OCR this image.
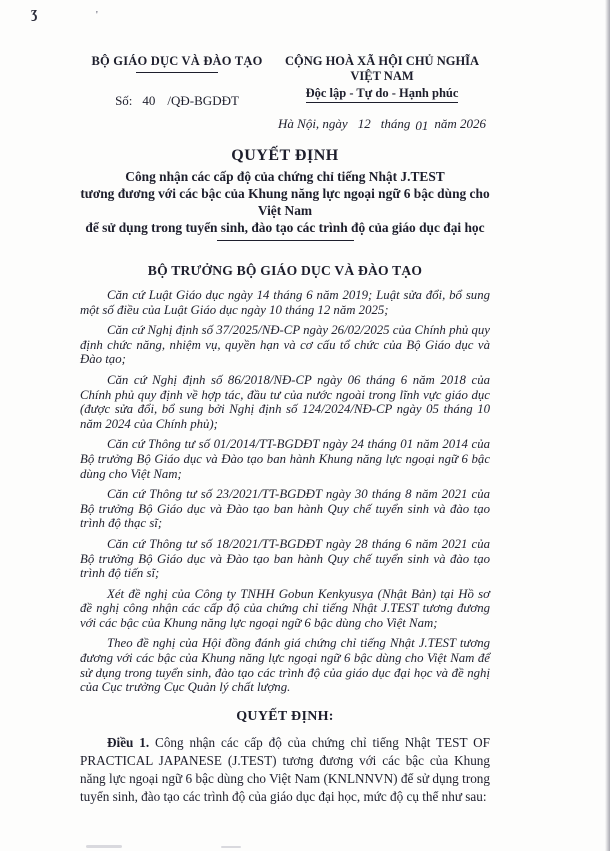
ʒ	'
BỘ GIÁO DỤC VÀ ĐÀO TẠO
Số: 40 /QĐ-BGDĐT
CỘNG HOÀ XÃ HỘI CHỦ NGHĨA VIỆT NAM
Độc lập - Tự do - Hạnh phúc
Hà Nội, ngày 12 tháng 01 năm 2026
QUYẾT ĐỊNH
Công nhận các cấp độ của chứng chỉ tiếng Nhật J.TEST
tương đương với các bậc của Khung năng lực ngoại ngữ 6 bậc dùng cho Việt Nam
để sử dụng trong tuyển sinh, đào tạo các trình độ của giáo dục đại học
BỘ TRƯỞNG BỘ GIÁO DỤC VÀ ĐÀO TẠO

Căn cứ Luật Giáo dục ngày 14 tháng 6 năm 2019; Luật sửa đổi, bổ sung một số điều của Luật Giáo dục ngày 10 tháng 12 năm 2025;

Căn cứ Nghị định số 37/2025/NĐ-CP ngày 26/02/2025 của Chính phủ quy định chức năng, nhiệm vụ, quyền hạn và cơ cấu tổ chức của Bộ Giáo dục và Đào tạo;

Căn cứ Nghị định số 86/2018/NĐ-CP ngày 06 tháng 6 năm 2018 của Chính phủ quy định về hợp tác, đầu tư của nước ngoài trong lĩnh vực giáo dục (được sửa đổi, bổ sung bởi Nghị định số 124/2024/NĐ-CP ngày 05 tháng 10 năm 2024 của Chính phủ);

Căn cứ Thông tư số 01/2014/TT-BGDĐT ngày 24 tháng 01 năm 2014 của Bộ trưởng Bộ Giáo dục và Đào tạo ban hành Khung năng lực ngoại ngữ 6 bậc dùng cho Việt Nam;

Căn cứ Thông tư số 23/2021/TT-BGDĐT ngày 30 tháng 8 năm 2021 của Bộ trưởng Bộ Giáo dục và Đào tạo ban hành Quy chế tuyển sinh và đào tạo trình độ thạc sĩ;

Căn cứ Thông tư số 18/2021/TT-BGDĐT ngày 28 tháng 6 năm 2021 của Bộ trưởng Bộ Giáo dục và Đào tạo ban hành Quy chế tuyển sinh và đào tạo trình độ tiến sĩ;

Xét đề nghị của Công ty TNHH Gobun Kenkyusya (Nhật Bản) tại Hồ sơ đề nghị công nhận các cấp độ của chứng chỉ tiếng Nhật J.TEST tương đương với các bậc của Khung năng lực ngoại ngữ 6 bậc dùng cho Việt Nam;

Theo đề nghị của Hội đồng đánh giá chứng chỉ tiếng Nhật J.TEST tương đương với các bậc của Khung năng lực ngoại ngữ 6 bậc dùng cho Việt Nam để sử dụng trong tuyển sinh, đào tạo các trình độ của giáo dục đại học và đề nghị của Cục trưởng Cục Quản lý chất lượng.

QUYẾT ĐỊNH:
Điều 1. Công nhận các cấp độ của chứng chỉ tiếng Nhật TEST OF PRACTICAL JAPANESE (J.TEST) tương đương với các bậc của Khung năng lực ngoại ngữ 6 bậc dùng cho Việt Nam (KNLNNVN) để sử dụng trong tuyển sinh, đào tạo các trình độ của giáo dục đại học, mức độ cụ thể như sau:
